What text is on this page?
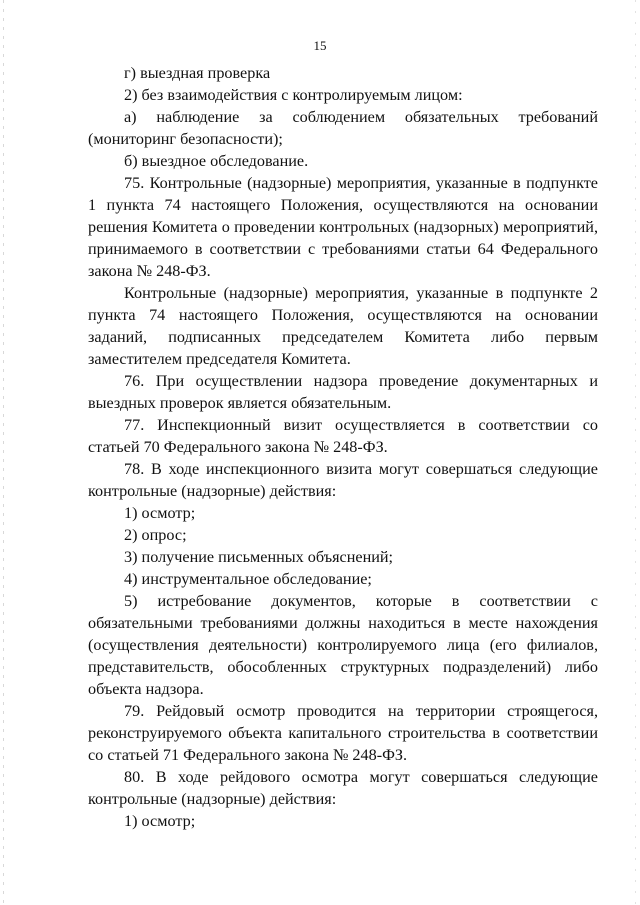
15
г) выездная проверка
2) без взаимодействия с контролируемым лицом:
а) наблюдение за соблюдением обязательных требований
(мониторинг безопасности);
б) выездное обследование.
75. Контрольные (надзорные) мероприятия, указанные в подпункте
1 пункта 74 настоящего Положения, осуществляются на основании
решения Комитета о проведении контрольных (надзорных) мероприятий,
принимаемого в соответствии с требованиями статьи 64 Федерального
закона № 248-ФЗ.
Контрольные (надзорные) мероприятия, указанные в подпункте 2
пункта 74 настоящего Положения, осуществляются на основании
заданий, подписанных председателем Комитета либо первым
заместителем председателя Комитета.
76. При осуществлении надзора проведение документарных и
выездных проверок является обязательным.
77. Инспекционный визит осуществляется в соответствии со
статьей 70 Федерального закона № 248-ФЗ.
78. В ходе инспекционного визита могут совершаться следующие
контрольные (надзорные) действия:
1) осмотр;
2) опрос;
3) получение письменных объяснений;
4) инструментальное обследование;
5) истребование документов, которые в соответствии с
обязательными требованиями должны находиться в месте нахождения
(осуществления деятельности) контролируемого лица (его филиалов,
представительств, обособленных структурных подразделений) либо
объекта надзора.
79. Рейдовый осмотр проводится на территории строящегося,
реконструируемого объекта капитального строительства в соответствии
со статьей 71 Федерального закона № 248-ФЗ.
80. В ходе рейдового осмотра могут совершаться следующие
контрольные (надзорные) действия:
1) осмотр;
